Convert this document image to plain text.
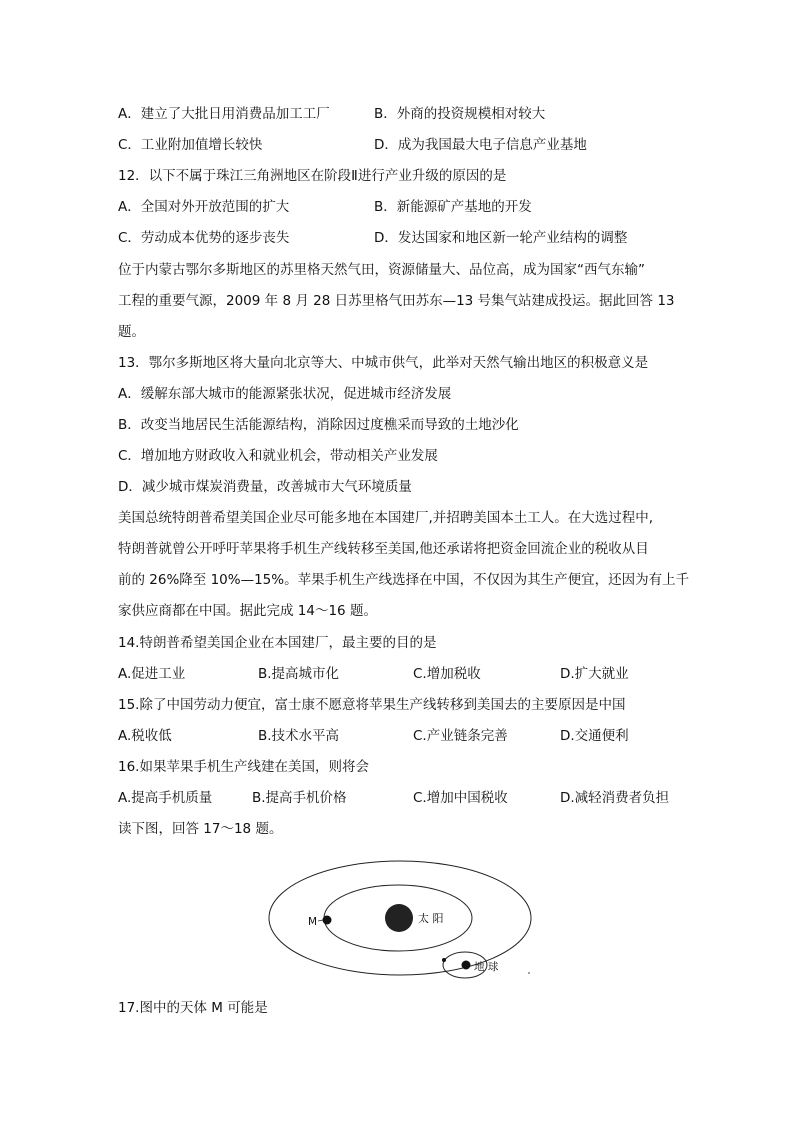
A．建立了大批日用消费品加工工厂	B．外商的投资规模相对较大
C．工业附加值增长较快	D．成为我国最大电子信息产业基地
12．以下不属于珠江三角洲地区在阶段Ⅱ进行产业升级的原因的是
A．全国对外开放范围的扩大	B．新能源矿产基地的开发
C．劳动成本优势的逐步丧失	D．发达国家和地区新一轮产业结构的调整
位于内蒙古鄂尔多斯地区的苏里格天然气田，资源储量大、品位高，成为国家“西气东输”
工程的重要气源，2009 年 8 月 28 日苏里格气田苏东—13 号集气站建成投运。据此回答 13
题。
13．鄂尔多斯地区将大量向北京等大、中城市供气，此举对天然气输出地区的积极意义是
A．缓解东部大城市的能源紧张状况，促进城市经济发展
B．改变当地居民生活能源结构，消除因过度樵采而导致的土地沙化
C．增加地方财政收入和就业机会，带动相关产业发展
D．减少城市煤炭消费量，改善城市大气环境质量
美国总统特朗普希望美国企业尽可能多地在本国建厂,并招聘美国本土工人。在大选过程中,
特朗普就曾公开呼吁苹果将手机生产线转移至美国,他还承诺将把资金回流企业的税收从目
前的 26%降至 10%—15%。苹果手机生产线选择在中国，不仅因为其生产便宜，还因为有上千
家供应商都在中国。据此完成 14～16 题。
14.特朗普希望美国企业在本国建厂，最主要的目的是
A.促进工业	B.提高城市化	C.增加税收	D.扩大就业
15.除了中国劳动力便宜，富士康不愿意将苹果生产线转移到美国去的主要原因是中国
A.税收低	B.技术水平高	C.产业链条完善	D.交通便利
16.如果苹果手机生产线建在美国，则将会
A.提高手机质量	B.提高手机价格	C.增加中国税收	D.减轻消费者负担
读下图，回答 17～18 题。
M	太 阳
地 球
17.图中的天体 M 可能是
